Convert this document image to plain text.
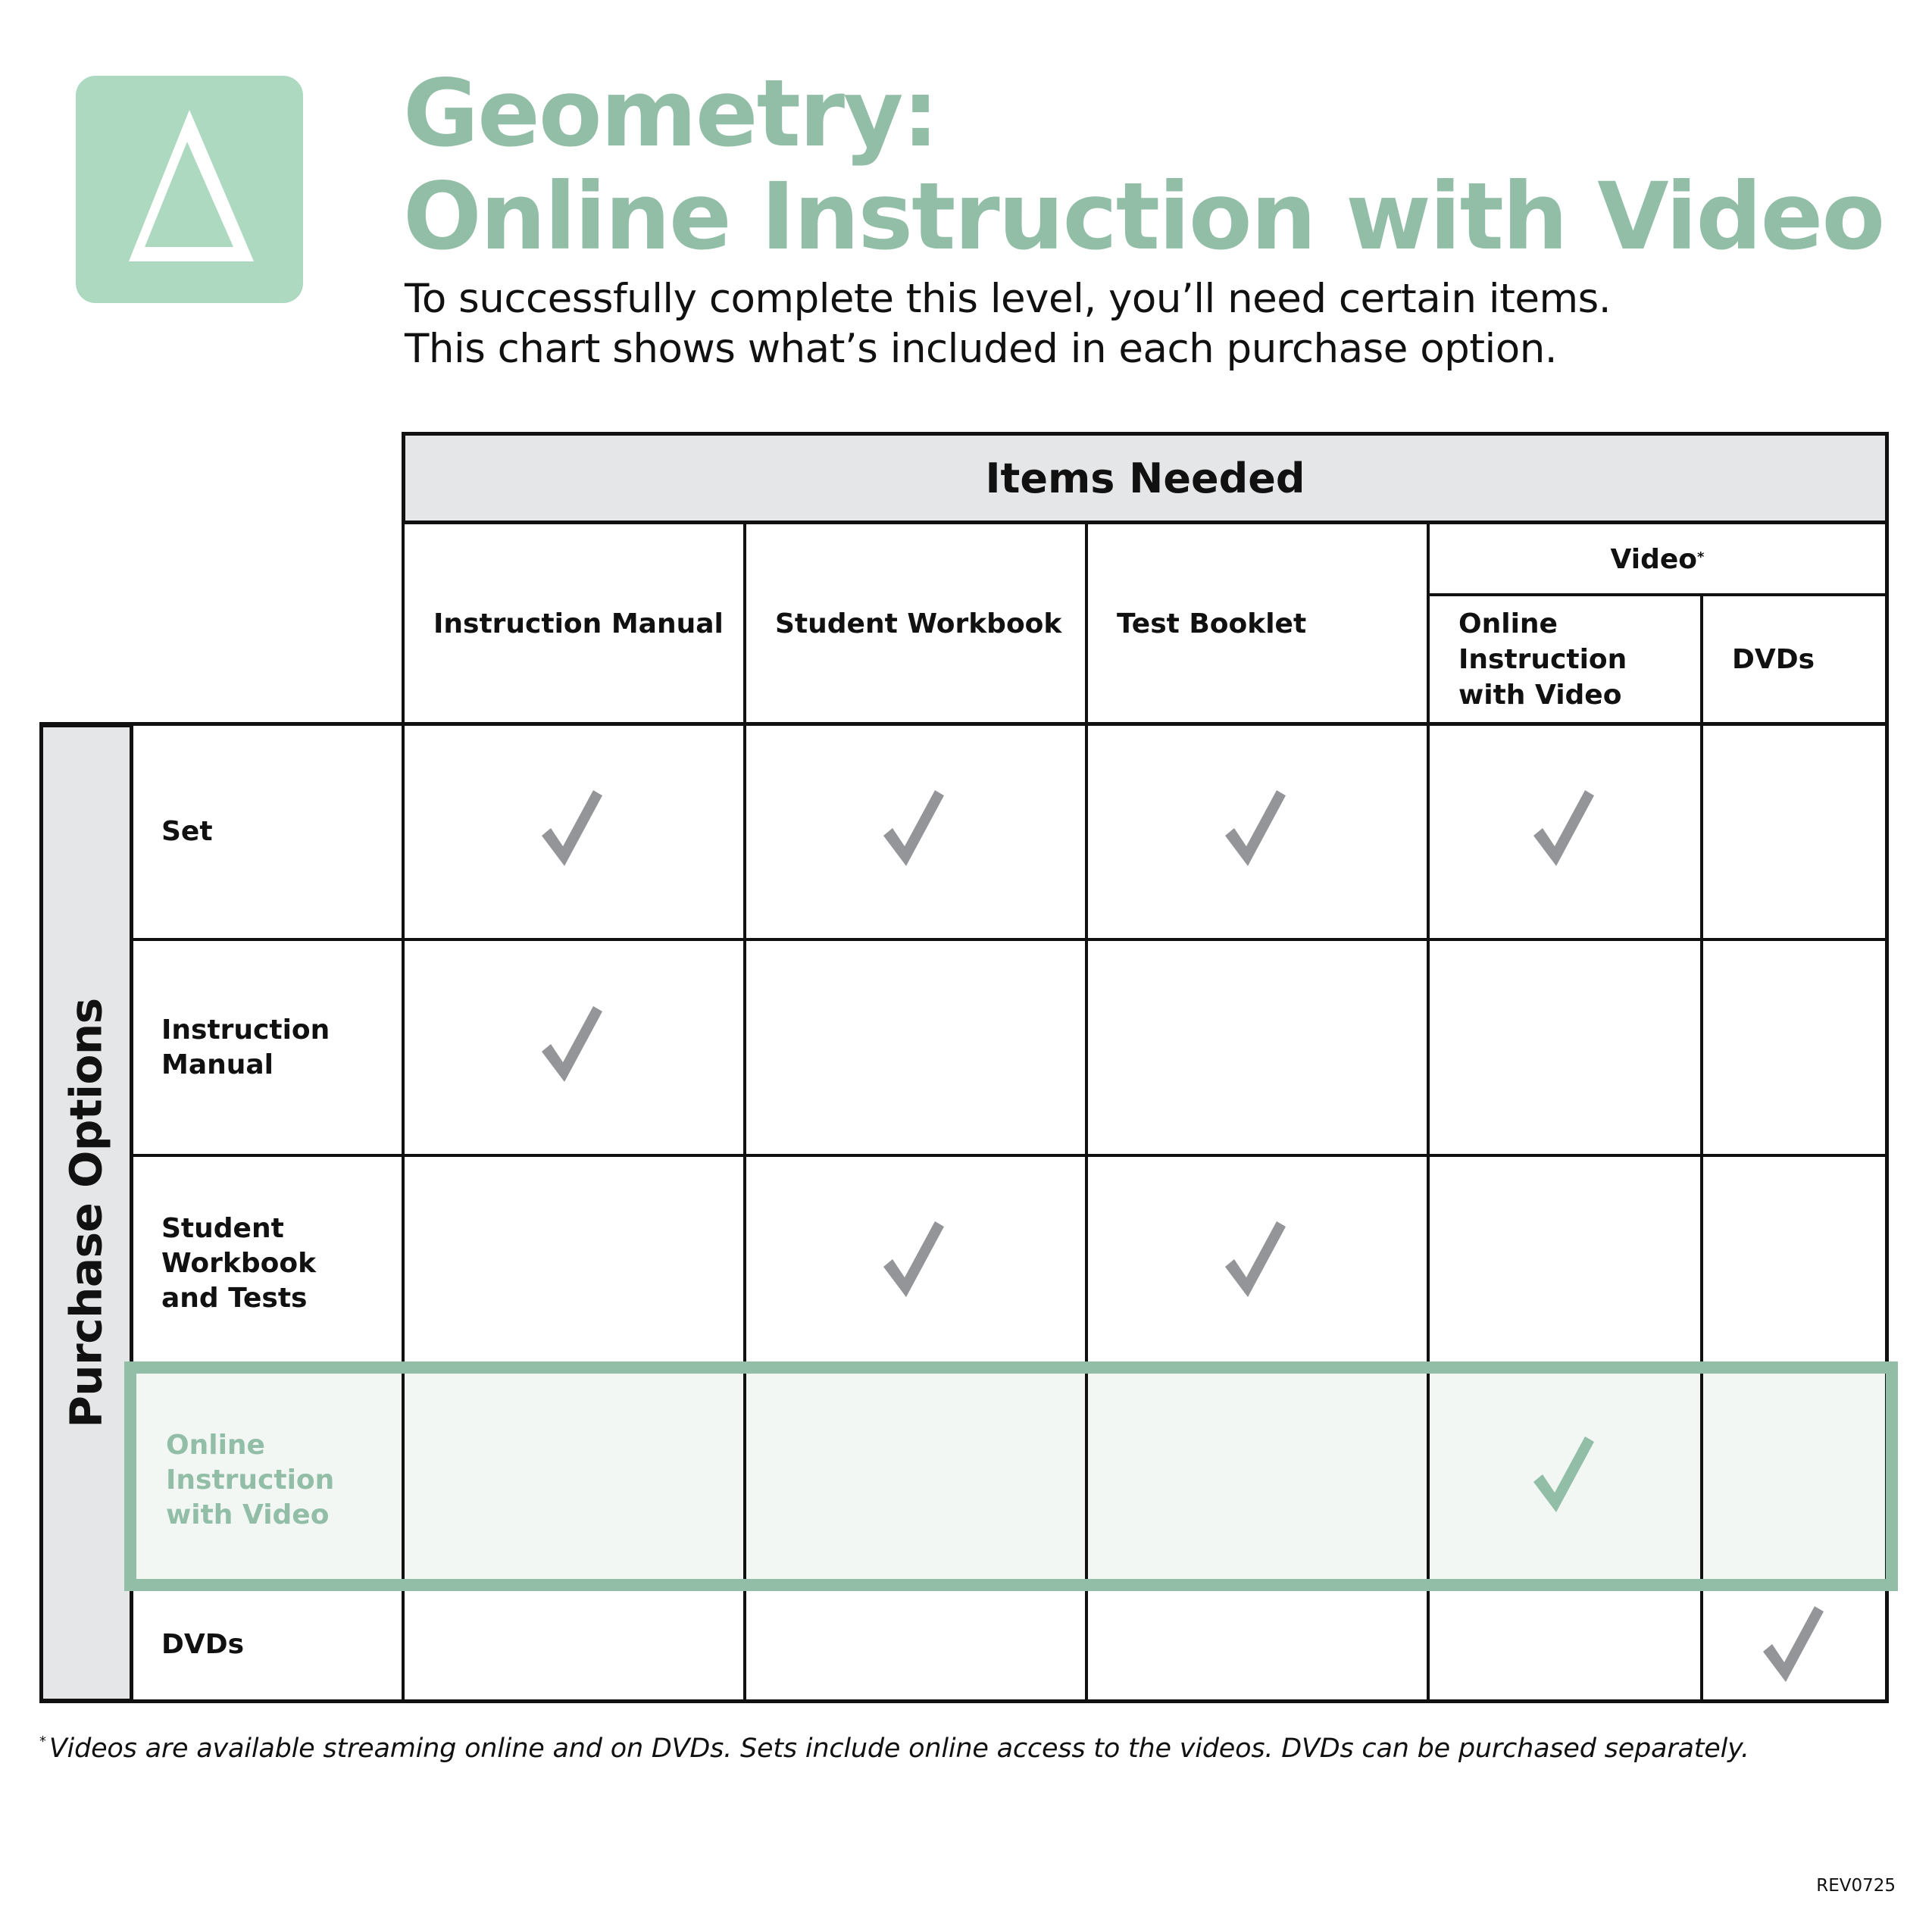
Geometry:
Online Instruction with Video
To successfully complete this level, you’ll need certain items.
This chart shows what’s included in each purchase option.
Items Needed
Purchase Options
Instruction Manual	Student Workbook	Test Booklet
Video *
Online
Instruction
with Video
DVDs
Set
Instruction
Manual
Student
Workbook
and Tests
Online
Instruction
with Video
DVDs
* Videos are available streaming online and on DVDs. Sets include online access to the videos. DVDs can be purchased separately.
REV0725
